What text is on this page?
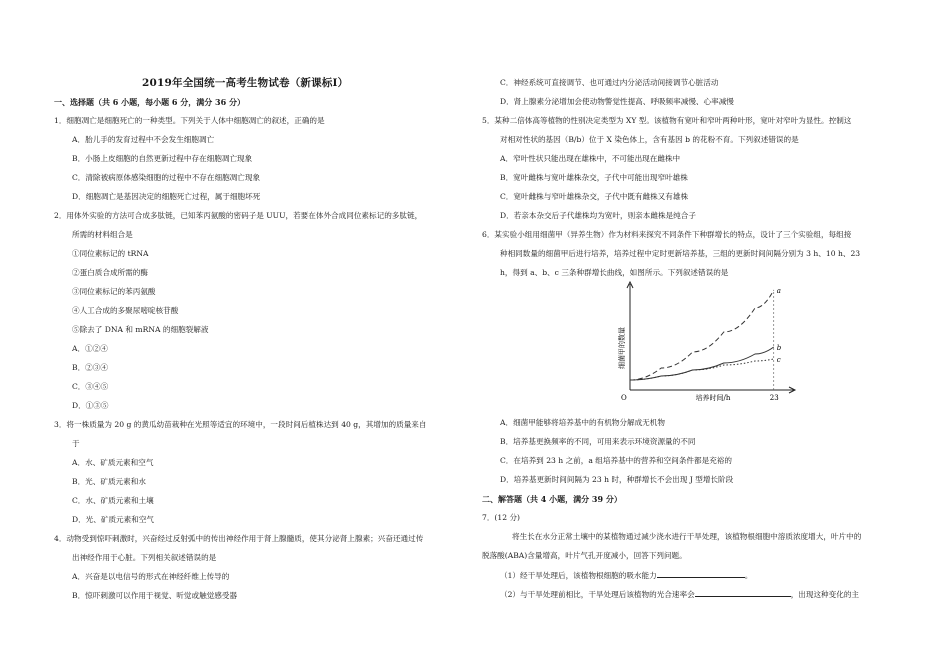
2019年全国统一高考生物试卷（新课标Ⅰ）
一、选择题（共 6 小题，每小题 6 分，满分 36 分）
1．细胞凋亡是细胞死亡的一种类型。下列关于人体中细胞凋亡的叙述，正确的是
A．胎儿手的发育过程中不会发生细胞凋亡
B．小肠上皮细胞的自然更新过程中存在细胞凋亡现象
C．清除被病原体感染细胞的过程中不存在细胞凋亡现象
D．细胞凋亡是基因决定的细胞死亡过程，属于细胞坏死
2．用体外实验的方法可合成多肽链，已知苯丙氨酸的密码子是 UUU，若要在体外合成同位素标记的多肽链，
所需的材料组合是
①同位素标记的 tRNA
②蛋白质合成所需的酶
③同位素标记的苯丙氨酸
④人工合成的多聚尿嘧啶核苷酸
⑤除去了 DNA 和 mRNA 的细胞裂解液
A．①②④
B．②③④
C．③④⑤
D．①③⑤
3．将一株质量为 20 g 的黄瓜幼苗栽种在光照等适宜的环境中，一段时间后植株达到 40 g，其增加的质量来自
于
A．水、矿质元素和空气
B．光、矿质元素和水
C．水、矿质元素和土壤
D．光、矿质元素和空气
4．动物受到惊吓刺激时，兴奋经过反射弧中的传出神经作用于肾上腺髓质，使其分泌肾上腺素；兴奋还通过传
出神经作用于心脏。下列相关叙述错误的是
A．兴奋是以电信号的形式在神经纤维上传导的
B．惊吓刺激可以作用于视觉、听觉或触觉感受器
C．神经系统可直接调节、也可通过内分泌活动间接调节心脏活动
D．肾上腺素分泌增加会使动物警觉性提高、呼吸频率减慢、心率减慢
5．某种二倍体高等植物的性别决定类型为 XY 型。该植物有宽叶和窄叶两种叶形，宽叶对窄叶为显性。控制这
对相对性状的基因（B/b）位于 X 染色体上，含有基因 b 的花粉不育。下列叙述错误的是
A．窄叶性状只能出现在雄株中，不可能出现在雌株中
B．宽叶雌株与宽叶雄株杂交，子代中可能出现窄叶雄株
C．宽叶雌株与窄叶雄株杂交，子代中既有雌株又有雄株
D．若亲本杂交后子代雄株均为宽叶，则亲本雌株是纯合子
6．某实验小组用细菌甲（异养生物）作为材料来探究不同条件下种群增长的特点，设计了三个实验组，每组接
种相同数量的细菌甲后进行培养，培养过程中定时更新培养基，三组的更新时间间隔分别为 3 h、10 h、23
h，得到 a、b、c 三条种群增长曲线，如图所示。下列叙述错误的是
23
O	培养时间/h
细菌甲的数量
a
b
c
A．细菌甲能够将培养基中的有机物分解成无机物
B．培养基更换频率的不同，可用来表示环境资源量的不同
C．在培养到 23 h 之前，a 组培养基中的营养和空间条件都是充裕的
D．培养基更新时间间隔为 23 h 时，种群增长不会出现 J 型增长阶段
二、解答题（共 4 小题，满分 39 分）
7．(12 分)
将生长在水分正常土壤中的某植物通过减少浇水进行干旱处理，该植物根细胞中溶质浓度增大，叶片中的
脱落酸(ABA)含量增高，叶片气孔开度减小，回答下列问题。
（1）经干旱处理后，该植物根细胞的吸水能力	。
（2）与干旱处理前相比，干旱处理后该植物的光合速率会	，出现这种变化的主
